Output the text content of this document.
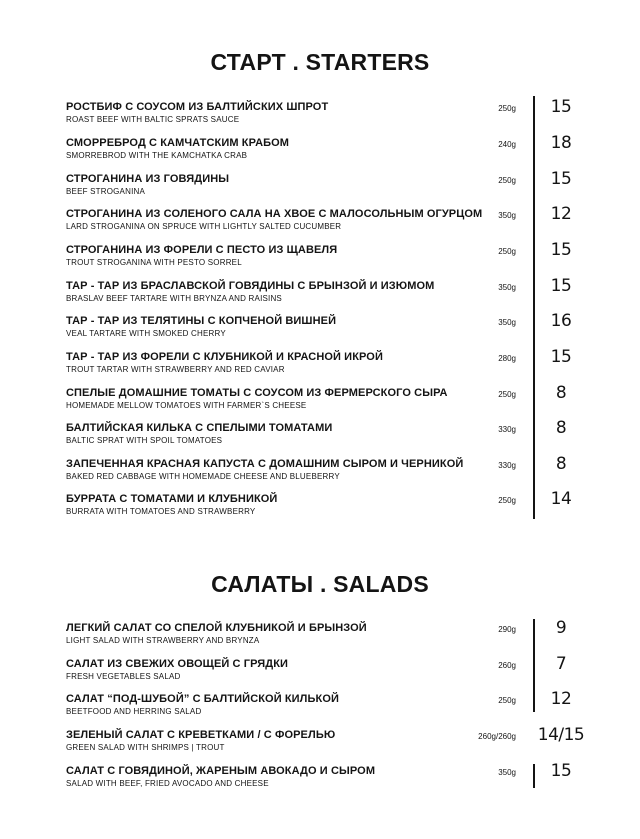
СТАРТ . STARTERS
РОСТБИФ С СОУСОМ ИЗ БАЛТИЙСКИХ ШПРОТ
ROAST BEEF WITH BALTIC SPRATS SAUCE
250g	15
СМОРРЕБРОД С КАМЧАТСКИМ КРАБОМ
SMORREBROD WITH THE KAMCHATKA CRAB
240g	18
СТРОГАНИНА ИЗ ГОВЯДИНЫ
BEEF STROGANINA
250g	15
СТРОГАНИНА ИЗ СОЛЕНОГО САЛА НА ХВОЕ С МАЛОСОЛЬНЫМ ОГУРЦОМ
LARD STROGANINA ON SPRUCE WITH LIGHTLY SALTED CUCUMBER
350g	12
СТРОГАНИНА ИЗ ФОРЕЛИ С ПЕСТО ИЗ ЩАВЕЛЯ
TROUT STROGANINA WITH PESTO SORREL
250g	15
ТАР - ТАР ИЗ БРАСЛАВСКОЙ ГОВЯДИНЫ С БРЫНЗОЙ И ИЗЮМОМ
BRASLAV BEEF TARTARE WITH BRYNZA AND RAISINS
350g	15
ТАР - ТАР ИЗ ТЕЛЯТИНЫ С КОПЧЕНОЙ ВИШНЕЙ
VEAL TARTARE WITH SMOKED CHERRY
350g	16
ТАР - ТАР ИЗ ФОРЕЛИ С КЛУБНИКОЙ И КРАСНОЙ ИКРОЙ
TROUT TARTAR WITH STRAWBERRY AND RED CAVIAR
280g	15
СПЕЛЫЕ ДОМАШНИЕ ТОМАТЫ С СОУСОМ ИЗ ФЕРМЕРСКОГО СЫРА
HOMEMADE MELLOW TOMATOES WITH FARMER`S CHEESE
250g	8
БАЛТИЙСКАЯ КИЛЬКА С СПЕЛЫМИ ТОМАТАМИ
BALTIC SPRAT WITH SPOIL TOMATOES
330g	8
ЗАПЕЧЕННАЯ КРАСНАЯ КАПУСТА С ДОМАШНИМ СЫРОМ И ЧЕРНИКОЙ
BAKED RED CABBAGE WITH HOMEMADE CHEESE AND BLUEBERRY
330g	8
БУРРАТА С ТОМАТАМИ И КЛУБНИКОЙ
BURRATA WITH TOMATOES AND STRAWBERRY
250g	14
САЛАТЫ . SALADS
ЛЕГКИЙ САЛАТ СО СПЕЛОЙ КЛУБНИКОЙ И БРЫНЗОЙ
LIGHT SALAD WITH STRAWBERRY AND BRYNZA
290g	9
САЛАТ ИЗ СВЕЖИХ ОВОЩЕЙ С ГРЯДКИ
FRESH VEGETABLES SALAD
260g	7
САЛАТ “ПОД-ШУБОЙ” С БАЛТИЙСКОЙ КИЛЬКОЙ
BEETFOOD AND HERRING SALAD
250g	12
ЗЕЛЕНЫЙ САЛАТ С КРЕВЕТКАМИ / С ФОРЕЛЬЮ
GREEN SALAD WITH SHRIMPS | TROUT
260g/260g 14/15
САЛАТ С ГОВЯДИНОЙ, ЖАРЕНЫМ АВОКАДО И СЫРОМ
SALAD WITH BEEF, FRIED AVOCADO AND CHEESE
350g	15
